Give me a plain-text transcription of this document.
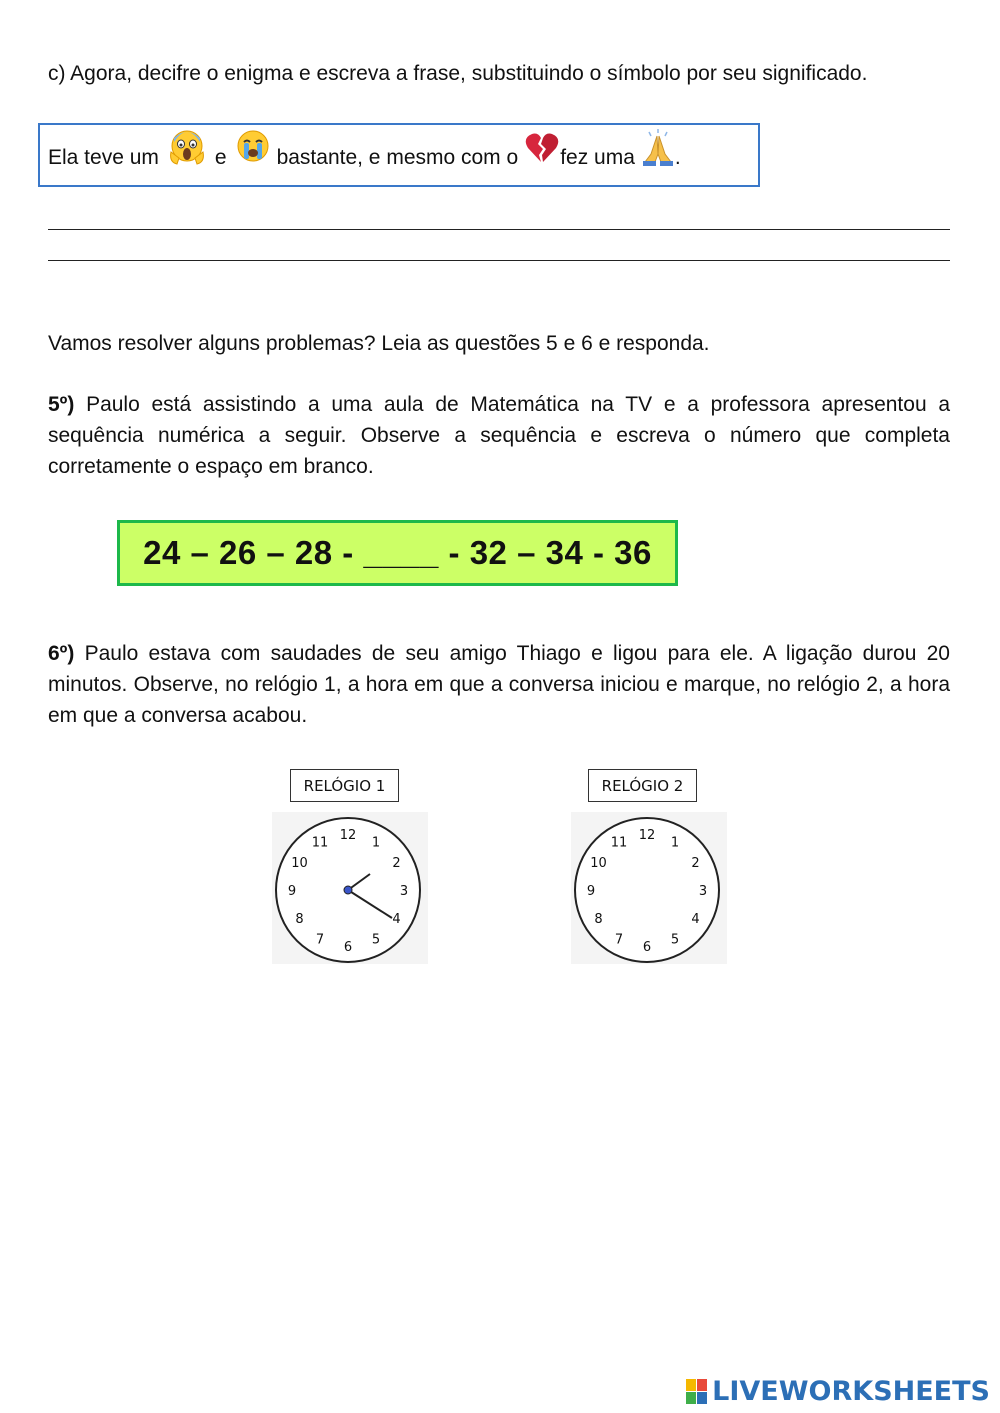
c) Agora, decifre o enigma e escreva a frase, substituindo o símbolo por seu significado.
Ela teve um	e bastante, e mesmo com o fez uma .
Vamos resolver alguns problemas? Leia as questões 5 e 6 e responda.
5º) Paulo está assistindo a uma aula de Matemática na TV e a professora apresentou a sequência numérica a seguir. Observe a sequência e escreva o número que completa corretamente o espaço em branco.
24 – 26 – 28 - ____ - 32 – 34 - 36
6º) Paulo estava com saudades de seu amigo Thiago e ligou para ele. A ligação durou 20 minutos. Observe, no relógio 1, a hora em que a conversa iniciou e marque, no relógio 2, a hora em que a conversa acabou.
RELÓGIO 1
12 1
2
3
4
5
6
7
8
9
10
11
RELÓGIO 2
12 1
2
3
4
5
6
7
8
9
10
11
LIVEWORKSHEETS
